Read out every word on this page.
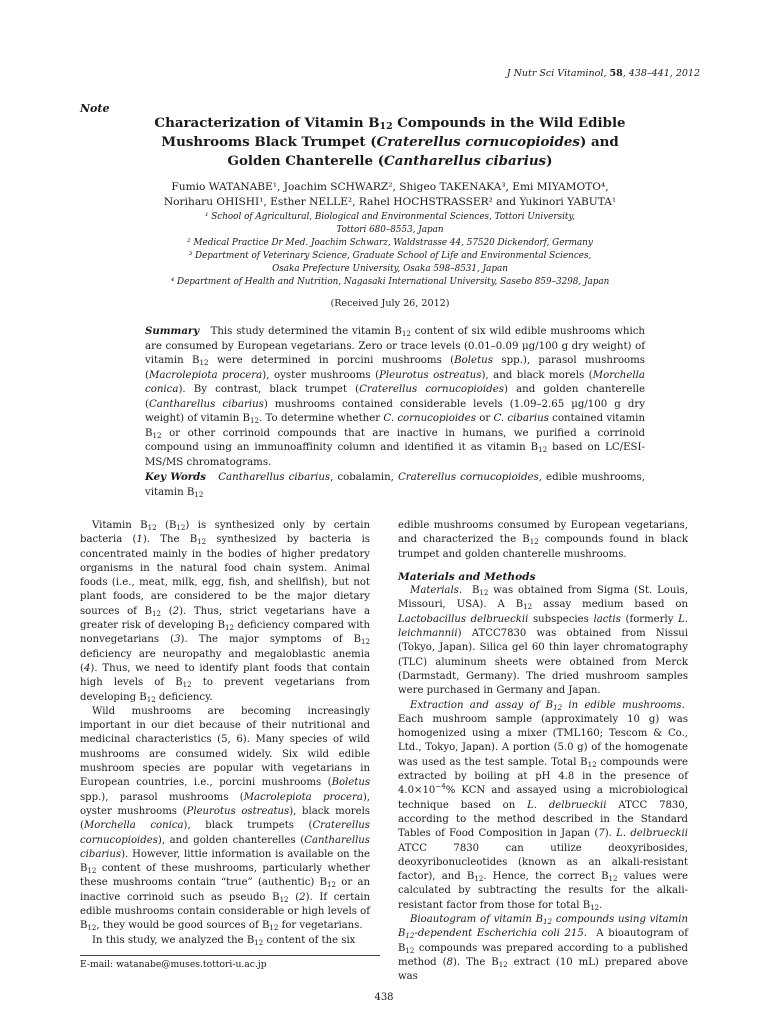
J Nutr Sci Vitaminol, 58, 438–441, 2012
Note
Characterization of Vitamin $B_{12}$ Compounds in the Wild Edible
Mushrooms Black Trumpet (Craterellus cornucopioides) and
Golden Chanterelle (Cantharellus cibarius)
Fumio WATANABE¹, Joachim SCHWARZ², Shigeo TAKENAKA³, Emi MIYAMOTO⁴,
Noriharu OHISHI¹, Esther NELLE², Rahel HOCHSTRASSER² and Yukinori YABUTA¹
¹ School of Agricultural, Biological and Environmental Sciences, Tottori University,
Tottori 680–8553, Japan
² Medical Practice Dr Med. Joachim Schwarz, Waldstrasse 44, 57520 Dickendorf, Germany
³ Department of Veterinary Science, Graduate School of Life and Environmental Sciences,
Osaka Prefecture University, Osaka 598–8531, Japan
⁴ Department of Health and Nutrition, Nagasaki International University, Sasebo 859–3298, Japan
(Received July 26, 2012)
Summary   This study determined the vitamin $B_{12}$ content of six wild edible mushrooms which are consumed by European vegetarians. Zero or trace levels (0.01–0.09 μg/100 g dry weight) of vitamin $B_{12}$ were determined in porcini mushrooms (Boletus spp.), parasol mushrooms (Macrolepiota procera), oyster mushrooms (Pleurotus ostreatus), and black morels (Morchella conica). By contrast, black trumpet (Craterellus cornucopioides) and golden chanterelle (Cantharellus cibarius) mushrooms contained considerable levels (1.09–2.65 μg/100 g dry weight) of vitamin $B_{12}$. To determine whether C. cornucopioides or C. cibarius contained vitamin $B_{12}$ or other corrinoid compounds that are inactive in humans, we purified a corrinoid compound using an immunoaffinity column and identified it as vitamin $B_{12}$ based on LC/ESI-MS/MS chromatograms.
Key Words Cantharellus cibarius, cobalamin, Craterellus cornucopioides, edible mushrooms, vitamin $B_{12}$

Vitamin $B_{12}$ $(B_{12})$ is synthesized only by certain bacteria (1). The $B_{12}$ synthesized by bacteria is concentrated mainly in the bodies of higher predatory organisms in the natural food chain system. Animal foods (i.e., meat, milk, egg, fish, and shellfish), but not plant foods, are considered to be the major dietary sources of $B_{12}$ (2). Thus, strict vegetarians have a greater risk of developing $B_{12}$ deficiency compared with nonvegetarians (3). The major symptoms of $B_{12}$ deficiency are neuropathy and megaloblastic anemia (4). Thus, we need to identify plant foods that contain high levels of $B_{12}$ to prevent vegetarians from developing $B_{12}$ deficiency.

Wild mushrooms are becoming increasingly important in our diet because of their nutritional and medicinal characteristics (5, 6). Many species of wild mushrooms are consumed widely. Six wild edible mushroom species are popular with vegetarians in European countries, i.e., porcini mushrooms (Boletus spp.), parasol mushrooms (Macrolepiota procera), oyster mushrooms (Pleurotus ostreatus), black morels (Morchella conica), black trumpets (Craterellus cornucopioides), and golden chanterelles (Cantharellus cibarius). However, little information is available on the $B_{12}$ content of these mushrooms, particularly whether these mushrooms contain “true” (authentic) $B_{12}$ or an inactive corrinoid such as pseudo $B_{12}$ (2). If certain edible mushrooms contain considerable or high levels of $B_{12}$, they would be good sources of $B_{12}$ for vegetarians.

In this study, we analyzed the $B_{12}$ content of the six

E-mail: watanabe@muses.tottori-u.ac.jp

edible mushrooms consumed by European vegetarians, and characterized the $B_{12}$ compounds found in black trumpet and golden chanterelle mushrooms.

Materials and Methods

Materials.  $B_{12}$ was obtained from Sigma (St. Louis, Missouri, USA). A $B_{12}$ assay medium based on Lactobacillus delbrueckii subspecies lactis (formerly L. leichmannii) ATCC7830 was obtained from Nissui (Tokyo, Japan). Silica gel 60 thin layer chromatography (TLC) aluminum sheets were obtained from Merck (Darmstadt, Germany). The dried mushroom samples were purchased in Germany and Japan.

Extraction and assay of $B_{12}$ in edible mushrooms.  Each mushroom sample (approximately 10 g) was homogenized using a mixer (TML160; Tescom & Co., Ltd., Tokyo, Japan). A portion (5.0 g) of the homogenate was used as the test sample. Total $B_{12}$ compounds were extracted by boiling at pH 4.8 in the presence of $4.0\times 10^{-4}\%$ KCN and assayed using a microbiological technique based on L. delbrueckii ATCC 7830, according to the method described in the Standard Tables of Food Composition in Japan (7). L. delbrueckii ATCC 7830 can utilize deoxyribosides, deoxyribonucleotides (known as an alkali-resistant factor), and $B_{12}$. Hence, the correct $B_{12}$ values were calculated by subtracting the results for the alkali-resistant factor from those for total $B_{12}$.

Bioautogram of vitamin $B_{12}$ compounds using vitamin $B_{12}$-dependent Escherichia coli 215.  A bioautogram of $B_{12}$ compounds was prepared according to a published method (8). The $B_{12}$ extract (10 mL) prepared above was

438
